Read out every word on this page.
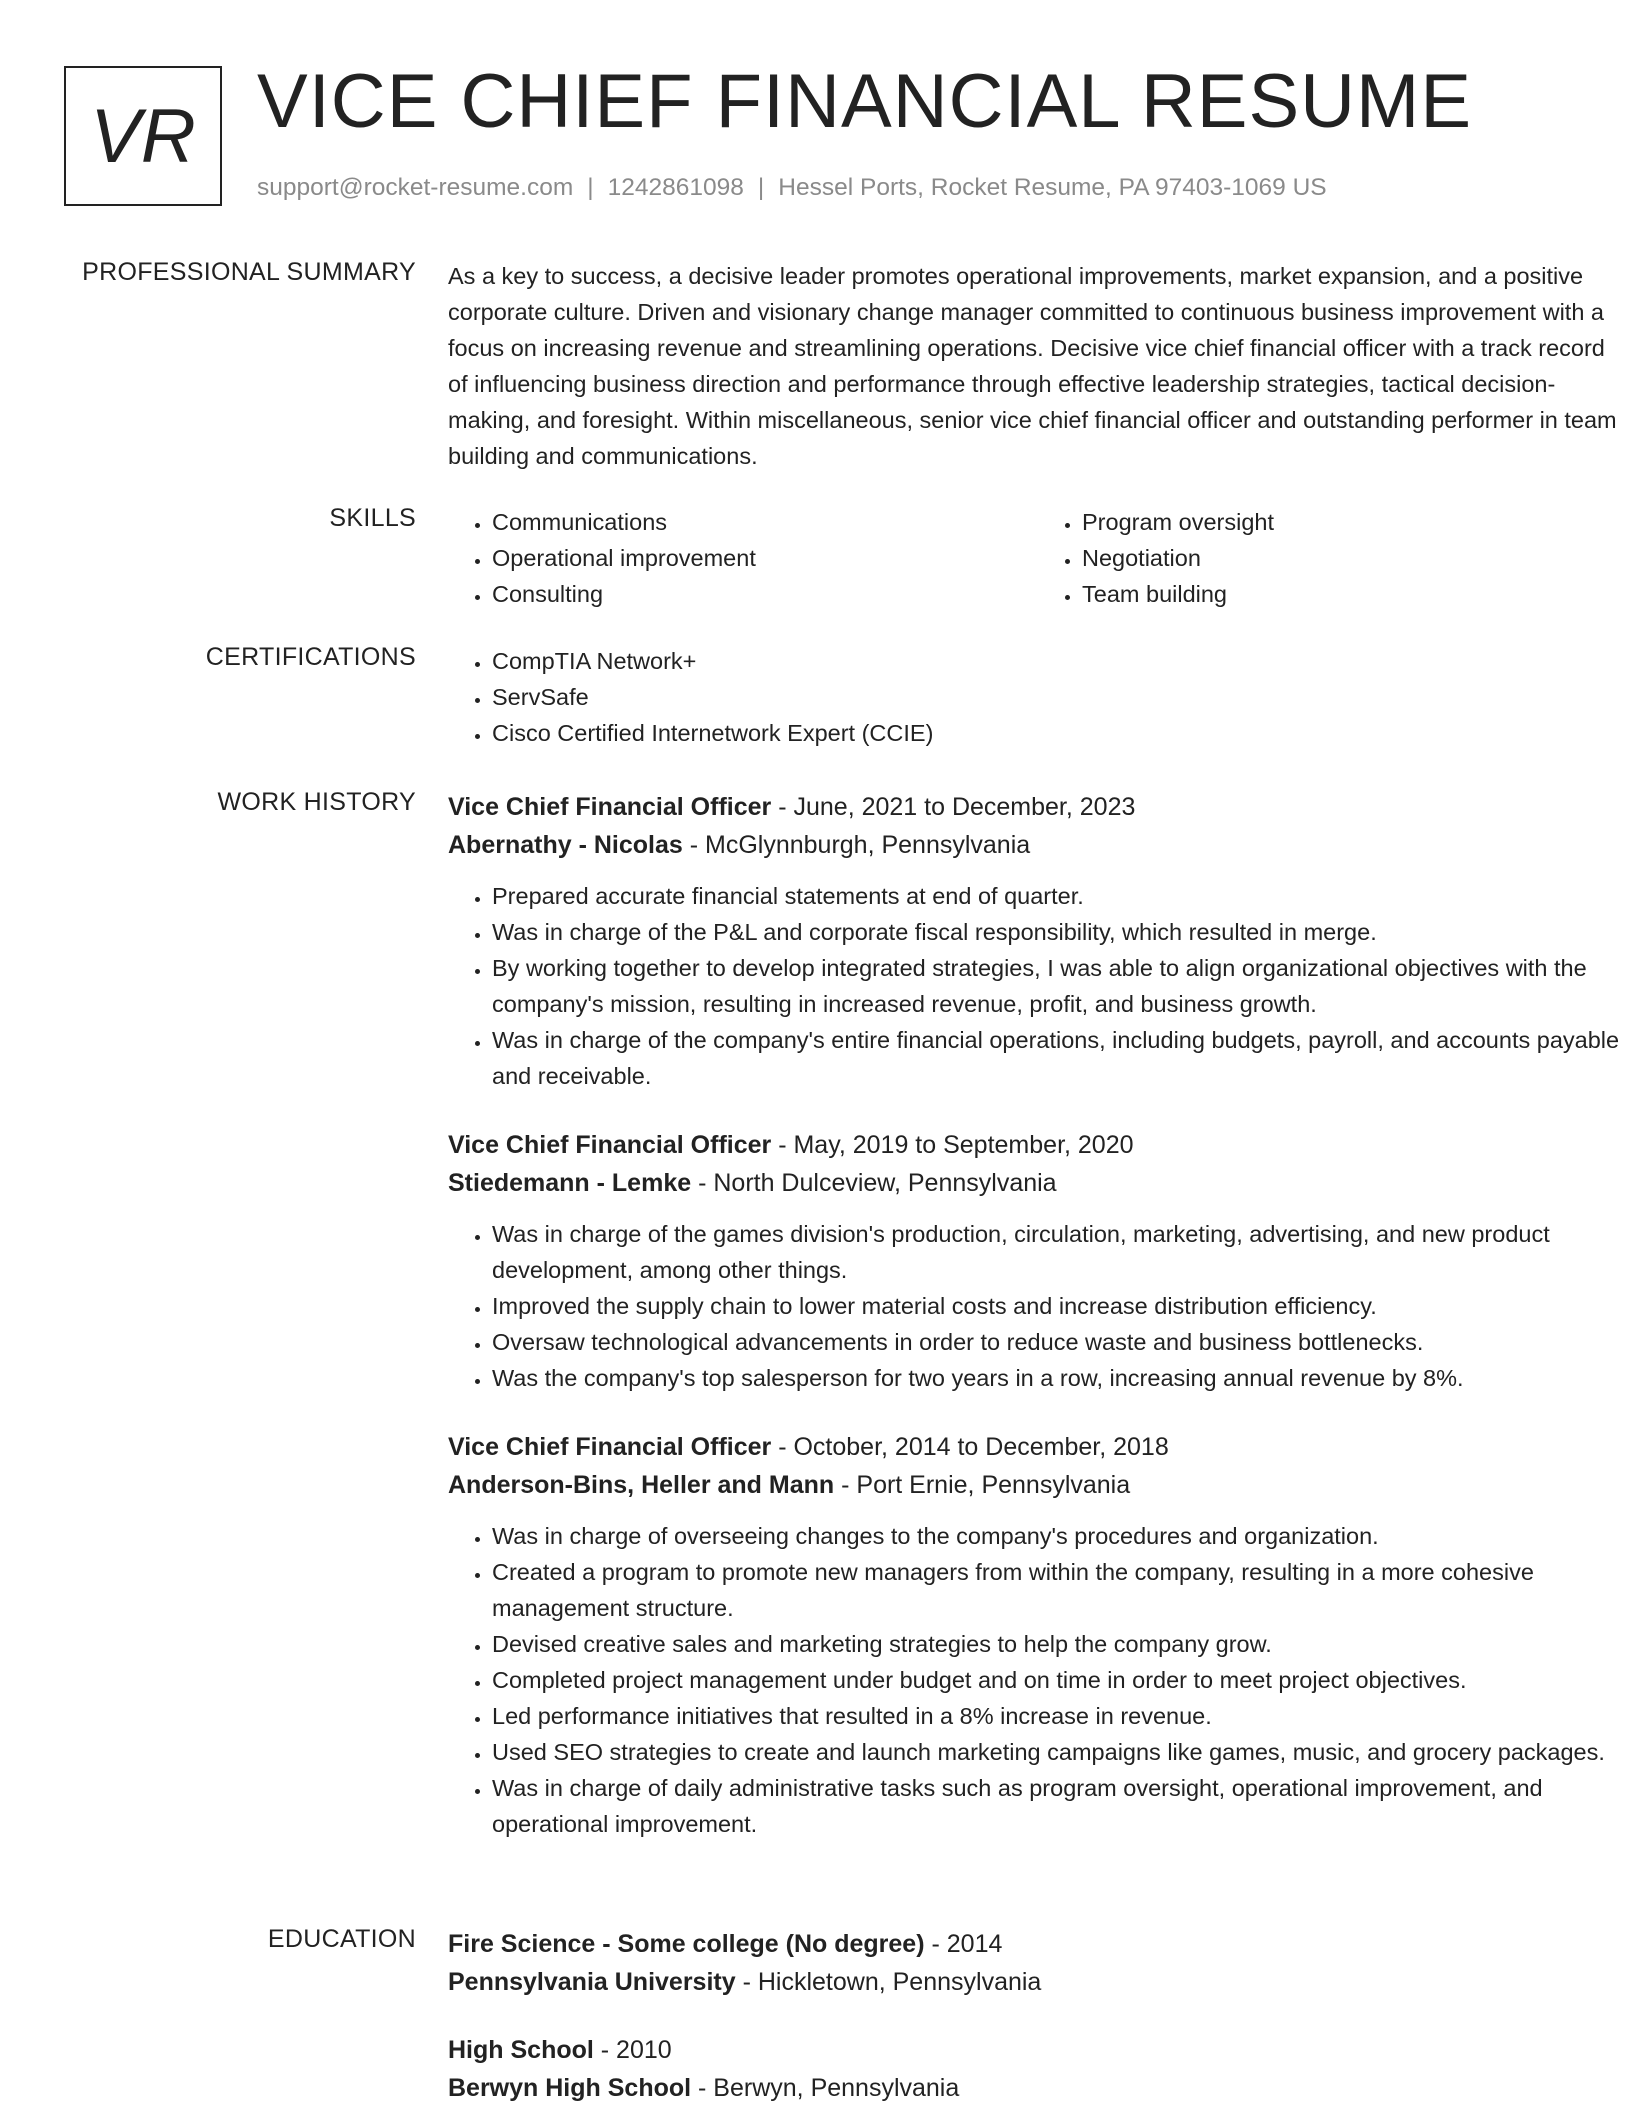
VR VICE CHIEF FINANCIAL RESUME
support@rocket-resume.com | 1242861098 | Hessel Ports, Rocket Resume, PA 97403-1069 US
PROFESSIONAL SUMMARY As a key to success, a decisive leader promotes operational improvements, market expansion, and a positive corporate culture. Driven and visionary change manager committed to continuous business improvement with a focus on increasing revenue and streamlining operations. Decisive vice chief financial officer with a track record of influencing business direction and performance through effective leadership strategies, tactical decision-making, and foresight. Within miscellaneous, senior vice chief financial officer and outstanding performer in team building and communications.

SKILLS	• Communications
• Operational improvement
• Consulting
• Program oversight
• Negotiation
• Team building
CERTIFICATIONS	• CompTIA Network+
• ServSafe
• Cisco Certified Internetwork Expert (CCIE)
WORK HISTORY Vice Chief Financial Officer - June, 2021 to December, 2023
Abernathy - Nicolas - McGlynnburgh, Pennsylvania
• Prepared accurate financial statements at end of quarter.
• Was in charge of the P&L and corporate fiscal responsibility, which resulted in merge.
• By working together to develop integrated strategies, I was able to align organizational objectives with the company's mission, resulting in increased revenue, profit, and business growth.
• Was in charge of the company's entire financial operations, including budgets, payroll, and accounts payable and receivable.
Vice Chief Financial Officer - May, 2019 to September, 2020
Stiedemann - Lemke - North Dulceview, Pennsylvania
• Was in charge of the games division's production, circulation, marketing, advertising, and new product development, among other things.
• Improved the supply chain to lower material costs and increase distribution efficiency.
• Oversaw technological advancements in order to reduce waste and business bottlenecks.
• Was the company's top salesperson for two years in a row, increasing annual revenue by 8%.
Vice Chief Financial Officer - October, 2014 to December, 2018
Anderson-Bins, Heller and Mann - Port Ernie, Pennsylvania
• Was in charge of overseeing changes to the company's procedures and organization.
• Created a program to promote new managers from within the company, resulting in a more cohesive management structure.
• Devised creative sales and marketing strategies to help the company grow.
• Completed project management under budget and on time in order to meet project objectives.
• Led performance initiatives that resulted in a 8% increase in revenue.
• Used SEO strategies to create and launch marketing campaigns like games, music, and grocery packages.
• Was in charge of daily administrative tasks such as program oversight, operational improvement, and operational improvement.
EDUCATION Fire Science - Some college (No degree) - 2014
Pennsylvania University - Hickletown, Pennsylvania
High School - 2010
Berwyn High School - Berwyn, Pennsylvania
